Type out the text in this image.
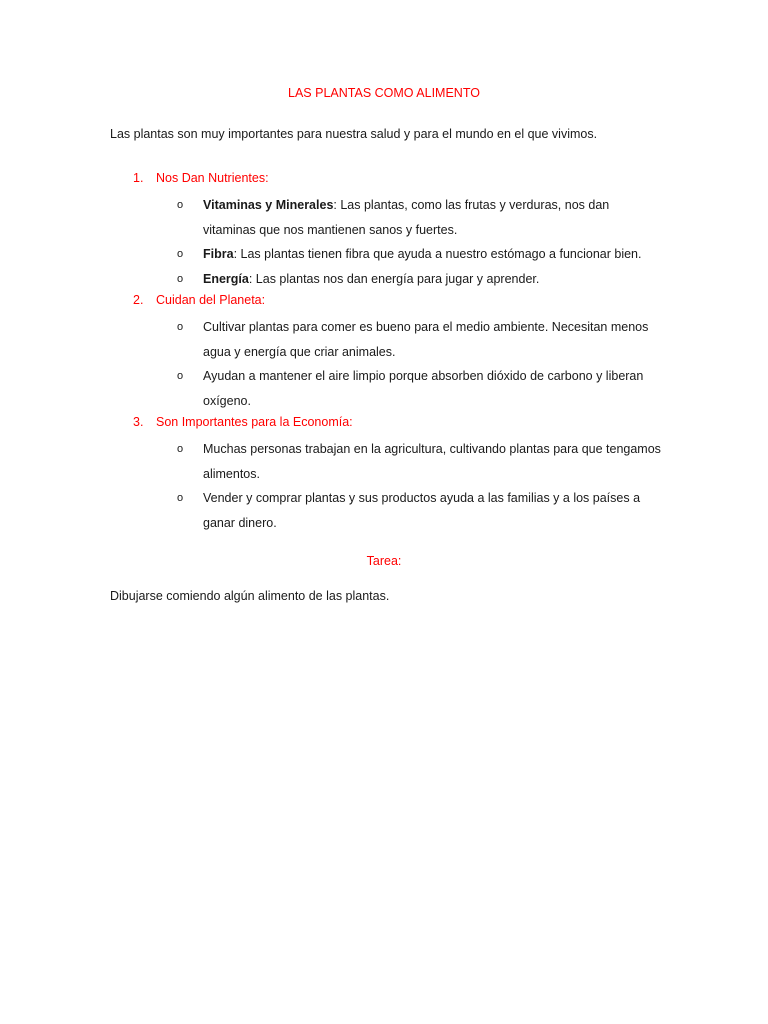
LAS PLANTAS COMO ALIMENTO
Las plantas son muy importantes para nuestra salud y para el mundo en el que vivimos.
1. Nos Dan Nutrientes:
o Vitaminas y Minerales: Las plantas, como las frutas y verduras, nos dan vitaminas que nos mantienen sanos y fuertes.
o Fibra: Las plantas tienen fibra que ayuda a nuestro estómago a funcionar bien.
o Energía: Las plantas nos dan energía para jugar y aprender.
2. Cuidan del Planeta:
o Cultivar plantas para comer es bueno para el medio ambiente. Necesitan menos agua y energía que criar animales.
o Ayudan a mantener el aire limpio porque absorben dióxido de carbono y liberan oxígeno.
3. Son Importantes para la Economía:
o Muchas personas trabajan en la agricultura, cultivando plantas para que tengamos alimentos.
o Vender y comprar plantas y sus productos ayuda a las familias y a los países a ganar dinero.
Tarea:
Dibujarse comiendo algún alimento de las plantas.
